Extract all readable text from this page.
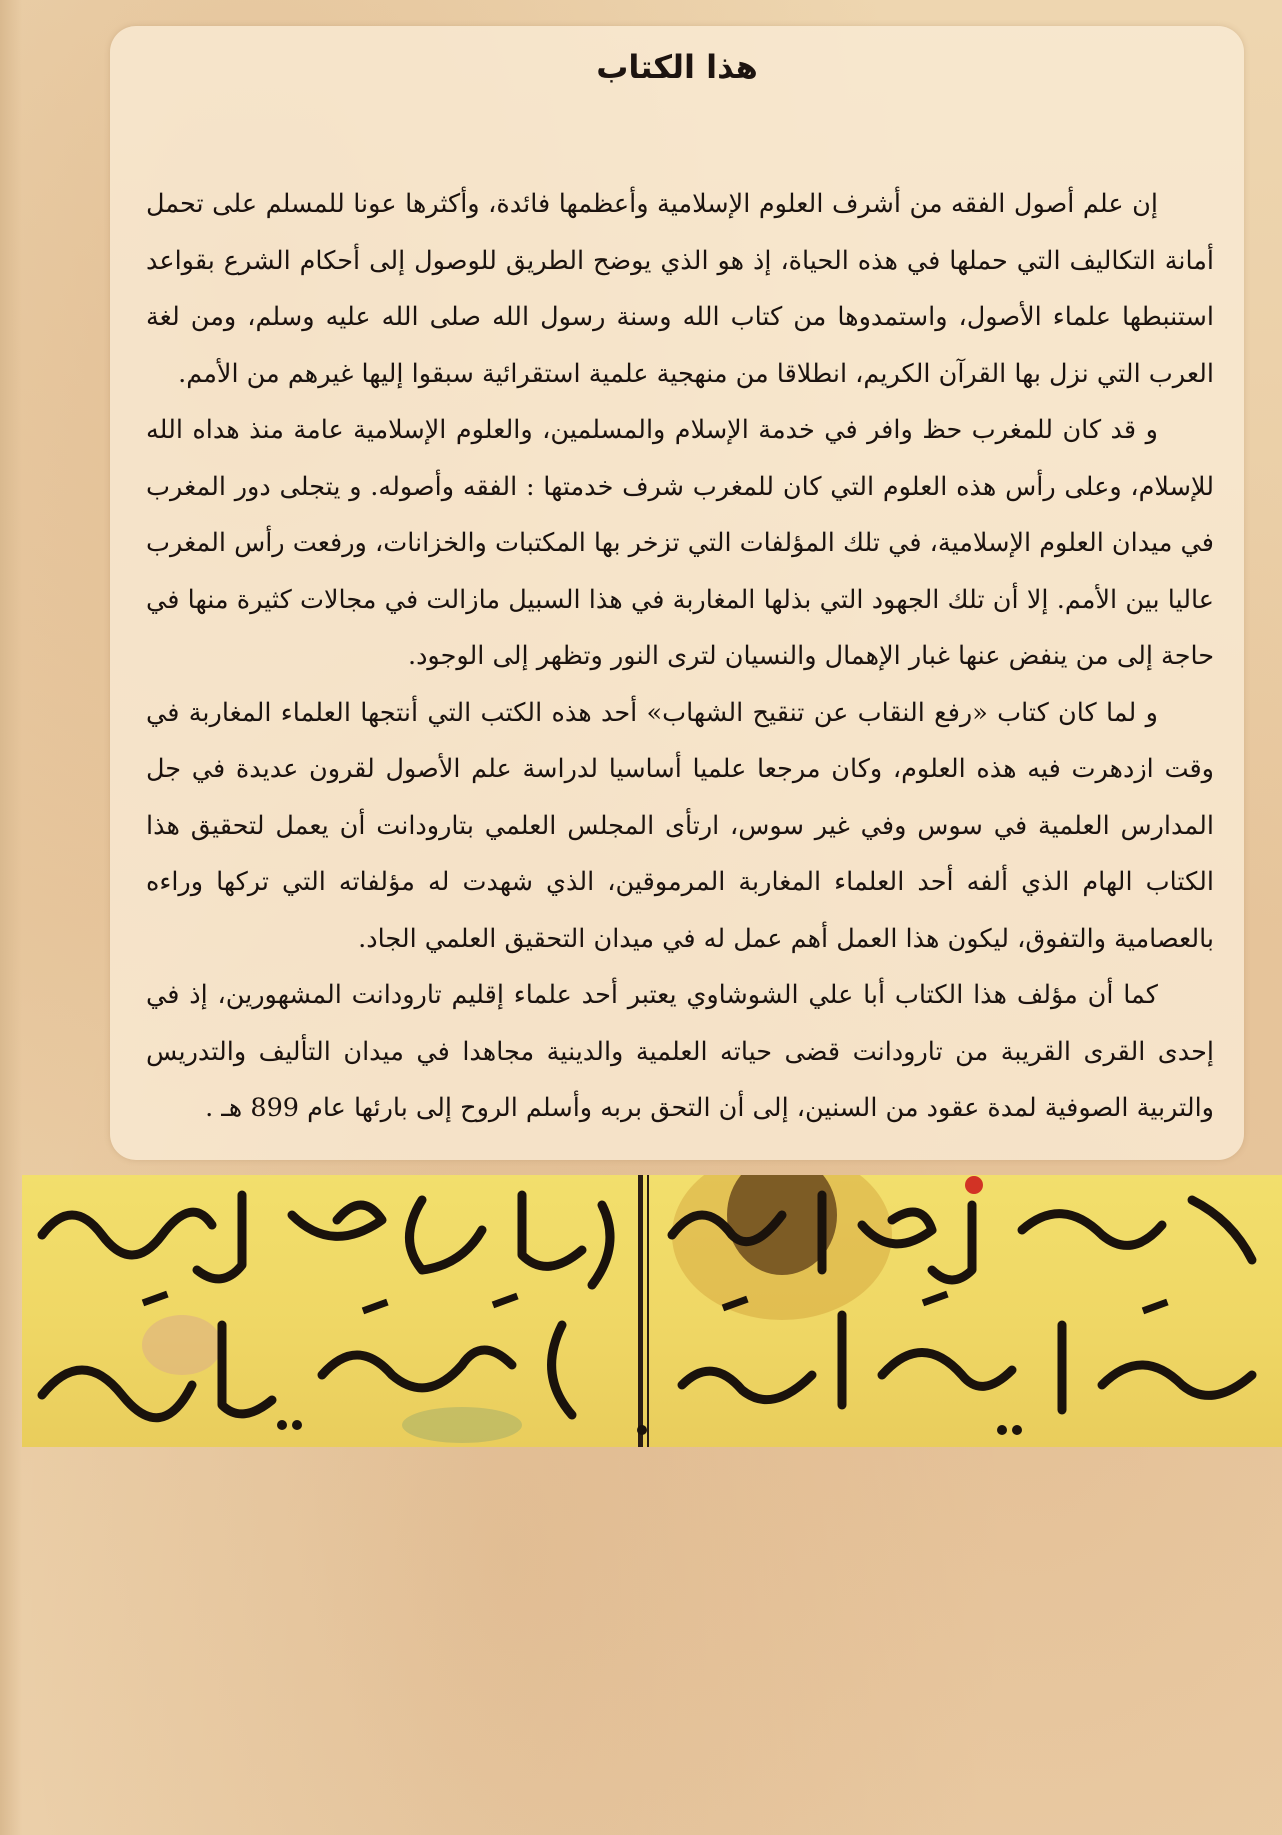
هذا الكتاب

إن علم أصول الفقه من أشرف العلوم الإسلامية وأعظمها فائدة، وأكثرها عونا للمسلم على تحمل أمانة التكاليف التي حملها في هذه الحياة، إذ هو الذي يوضح الطريق للوصول إلى أحكام الشرع بقواعد استنبطها علماء الأصول، واستمدوها من كتاب الله وسنة رسول الله صلى الله عليه وسلم، ومن لغة العرب التي نزل بها القرآن الكريم، انطلاقا من منهجية علمية استقرائية سبقوا إليها غيرهم من الأمم.

و قد كان للمغرب حظ وافر في خدمة الإسلام والمسلمين، والعلوم الإسلامية عامة منذ هداه الله للإسلام، وعلى رأس هذه العلوم التي كان للمغرب شرف خدمتها : الفقه وأصوله. و يتجلى دور المغرب في ميدان العلوم الإسلامية، في تلك المؤلفات التي تزخر بها المكتبات والخزانات، ورفعت رأس المغرب عاليا بين الأمم. إلا أن تلك الجهود التي بذلها المغاربة في هذا السبيل مازالت في مجالات كثيرة منها في حاجة إلى من ينفض عنها غبار الإهمال والنسيان لترى النور وتظهر إلى الوجود.

و لما كان كتاب «رفع النقاب عن تنقيح الشهاب» أحد هذه الكتب التي أنتجها العلماء المغاربة في وقت ازدهرت فيه هذه العلوم، وكان مرجعا علميا أساسيا لدراسة علم الأصول لقرون عديدة في جل المدارس العلمية في سوس وفي غير سوس، ارتأى المجلس العلمي بتارودانت أن يعمل لتحقيق هذا الكتاب الهام الذي ألفه أحد العلماء المغاربة المرموقين، الذي شهدت له مؤلفاته التي تركها وراءه بالعصامية والتفوق، ليكون هذا العمل أهم عمل له في ميدان التحقيق العلمي الجاد.

كما أن مؤلف هذا الكتاب أبا علي الشوشاوي يعتبر أحد علماء إقليم تارودانت المشهورين، إذ في إحدى القرى القريبة من تارودانت قضى حياته العلمية والدينية مجاهدا في ميدان التأليف والتدريس والتربية الصوفية لمدة عقود من السنين، إلى أن التحق بربه وأسلم الروح إلى بارئها عام 899 هـ .
